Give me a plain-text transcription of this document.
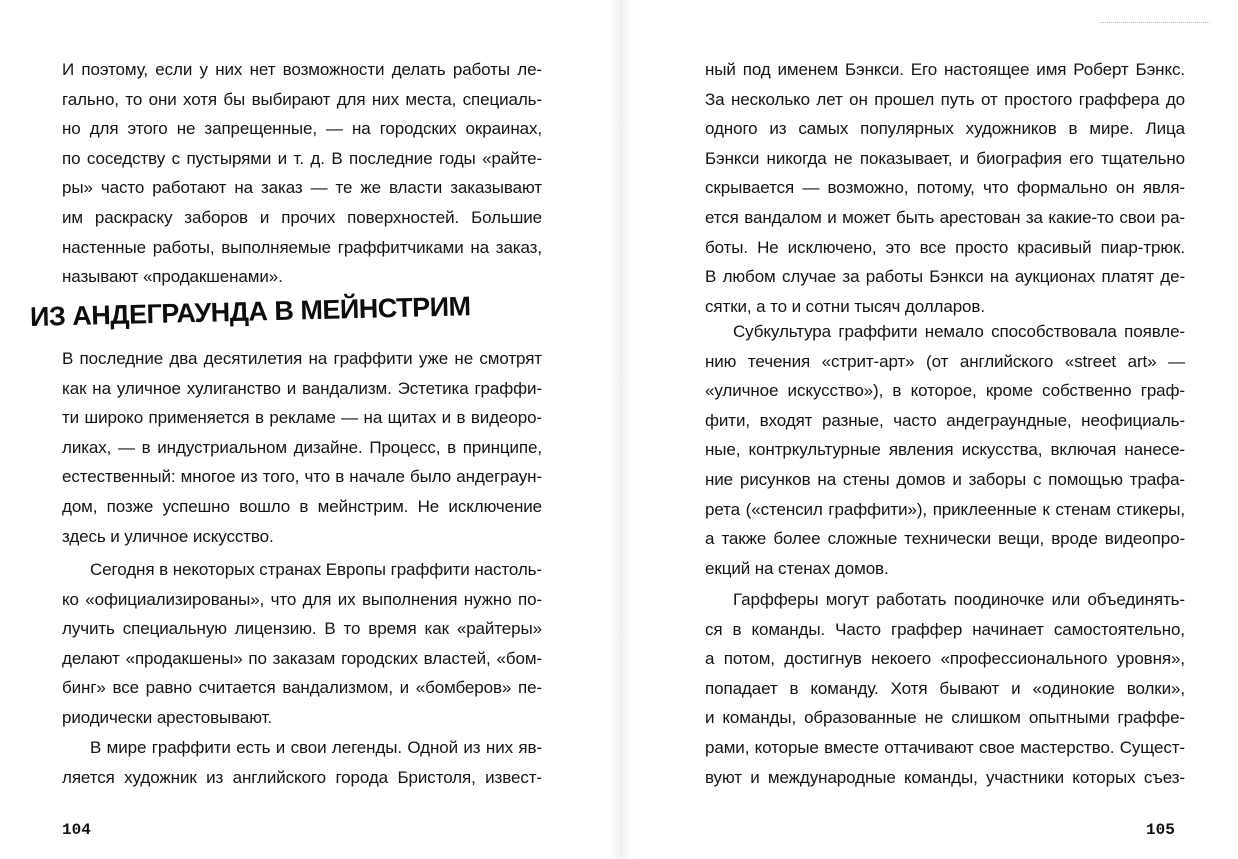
И поэтому, если у них нет возможности делать работы ле-
гально, то они хотя бы выбирают для них места, специаль-
но для этого не запрещенные, — на городских окраинах,
по соседству с пустырями и т. д. В последние годы «райте-
ры» часто работают на заказ — те же власти заказывают
им раскраску заборов и прочих поверхностей. Большие
настенные работы, выполняемые граффитчиками на заказ,
называют «продакшенами».
ИЗ АНДЕГРАУНДА В МЕЙНСТРИМ
В последние два десятилетия на граффити уже не смотрят
как на уличное хулиганство и вандализм. Эстетика граффи-
ти широко применяется в рекламе — на щитах и в видеоро-
ликах, — в индустриальном дизайне. Процесс, в принципе,
естественный: многое из того, что в начале было андеграун-
дом, позже успешно вошло в мейнстрим. Не исключение
здесь и уличное искусство.
Сегодня в некоторых странах Европы граффити настоль-
ко «официализированы», что для их выполнения нужно по-
лучить специальную лицензию. В то время как «райтеры»
делают «продакшены» по заказам городских властей, «бом-
бинг» все равно считается вандализмом, и «бомберов» пе-
риодически арестовывают.
В мире граффити есть и свои легенды. Одной из них яв-
ляется художник из английского города Бристоля, извест-
104
ный под именем Бэнкси. Его настоящее имя Роберт Бэнкс.
За несколько лет он прошел путь от простого граффера до
одного из самых популярных художников в мире. Лица
Бэнкси никогда не показывает, и биография его тщательно
скрывается — возможно, потому, что формально он явля-
ется вандалом и может быть арестован за какие-то свои ра-
боты. Не исключено, это все просто красивый пиар-трюк.
В любом случае за работы Бэнкси на аукционах платят де-
сятки, а то и сотни тысяч долларов.
Субкультура граффити немало способствовала появле-
нию течения «стрит-арт» (от английского «street art» —
«уличное искусство»), в которое, кроме собственно граф-
фити, входят разные, часто андеграундные, неофициаль-
ные, контркультурные явления искусства, включая нанесе-
ние рисунков на стены домов и заборы с помощью трафа-
рета («стенсил граффити»), приклеенные к стенам стикеры,
а также более сложные технически вещи, вроде видеопро-
екций на стенах домов.
Гарфферы могут работать поодиночке или объединять-
ся в команды. Часто граффер начинает самостоятельно,
а потом, достигнув некоего «профессионального уровня»,
попадает в команду. Хотя бывают и «одинокие волки»,
и команды, образованные не слишком опытными граффе-
рами, которые вместе оттачивают свое мастерство. Сущест-
вуют и международные команды, участники которых съез-
105
